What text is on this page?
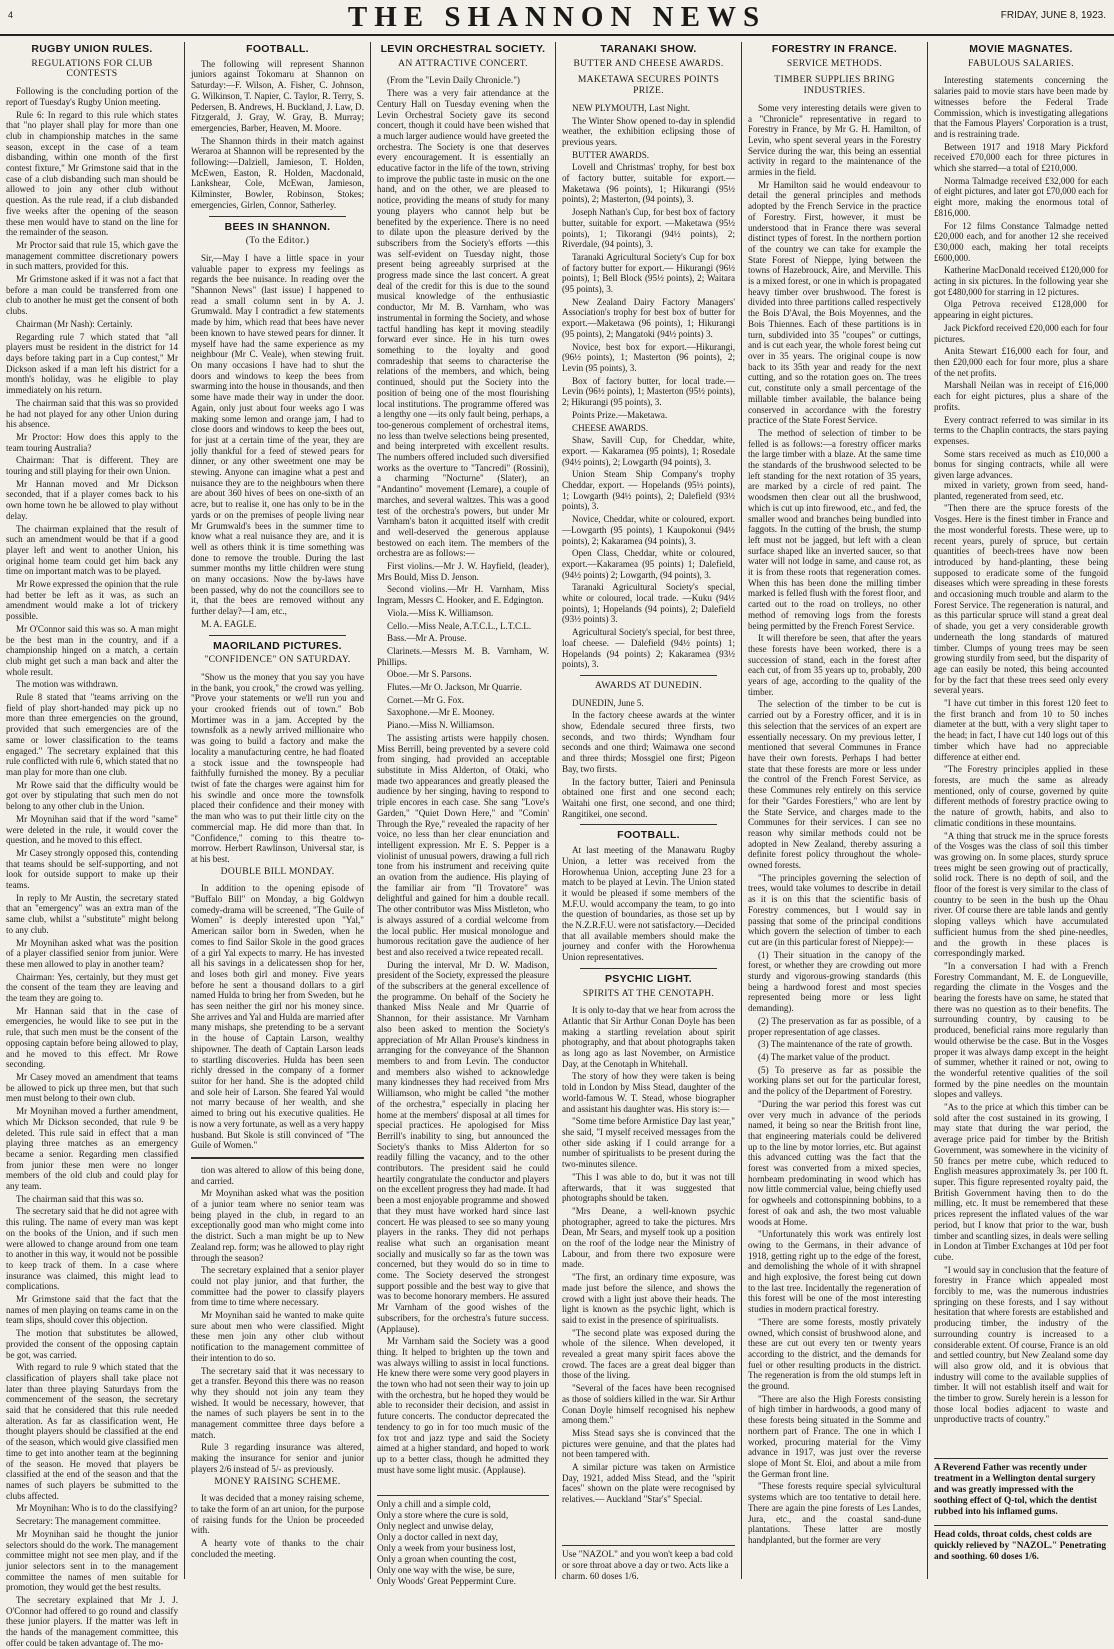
4	THE SHANNON NEWS	FRIDAY, JUNE 8, 1923.
RUGBY UNION RULES.
REGULATIONS FOR CLUB CONTESTS

Following is the concluding portion of the report of Tuesday's Rugby Union meeting.

Rule 6: In regard to this rule which states that "no player shall play for more than one club in championship matches in the same season, except in the case of a team disbanding, within one month of the first contest fixture," Mr Grimstone said that in the case of a club disbanding such man should be allowed to join any other club without question. As the rule read, if a club disbanded five weeks after the opening of the season these men would have to stand on the line for the remainder of the season.

Mr Proctor said that rule 15, which gave the management committee discretionary powers in such matters, provided for this.

Mr Grimstone asked if it was not a fact that before a man could be transferred from one club to another he must get the consent of both clubs.

Chairman (Mr Nash): Certainly.

Regarding rule 7 which stated that "all players must be resident in the district for 14 days before taking part in a Cup contest," Mr Dickson asked if a man left his district for a month's holiday, was he eligible to play immediately on his return.

The chairman said that this was so provided he had not played for any other Union during his absence.

Mr Proctor: How does this apply to the team touring Australia?

Chairman: That is different. They are touring and still playing for their own Union.

Mr Hannan moved and Mr Dickson seconded, that if a player comes back to his own home town he be allowed to play without delay.

The chairman explained that the result of such an amendment would be that if a good player left and went to another Union, his original home team could get him back any time on important match was to be played.

Mr Rowe expressed the opinion that the rule had better be left as it was, as such an amendment would make a lot of trickery possible.

Mr O'Connor said this was so. A man might be the best man in the country, and if a championship hinged on a match, a certain club might get such a man back and alter the whole result.

The motion was withdrawn.

Rule 8 stated that "teams arriving on the field of play short-handed may pick up no more than three emergencies on the ground, provided that such emergencies are of the same or lower classification to the teams engaged." The secretary explained that this rule conflicted with rule 6, which stated that no man play for more than one club.

Mr Rowe said that the difficulty would be got over by stipulating that such men do not belong to any other club in the Union.

Mr Moynihan said that if the word "same" were deleted in the rule, it would cover the question, and he moved to this effect.

Mr Casey strongly opposed this, contending that teams should be self-supporting, and not look for outside support to make up their teams.

In reply to Mr Austin, the secretary stated that an "emergency" was an extra man of the same club, whilst a "substitute" might belong to any club.

Mr Moynihan asked what was the position of a player classified senior from junior. Were these men allowed to play in another team?

Chairman: Yes, certainly, but they must get the consent of the team they are leaving and the team they are going to.

Mr Hannan said that in the case of emergencies, he would like to see put in the rule, that such men must be the consent of the opposing captain before being allowed to play, and he moved to this effect. Mr Rowe seconding.

Mr Casey moved an amendment that teams be allowed to pick up three men, but that such men must belong to their own club.

Mr Moynihan moved a further amendment, which Mr Dickson seconded, that rule 9 be deleted. This rule said in effect that a man playing three matches as an emergency became a senior. Regarding men classified from junior these men were no longer members of the old club and could play for any team.

The chairman said that this was so.

The secretary said that he did not agree with this ruling. The name of every man was kept on the books of the Union, and if such men were allowed to change around from one team to another in this way, it would not be possible to keep track of them. In a case where insurance was claimed, this might lead to complications.

Mr Grimstone said that the fact that the names of men playing on teams came in on the team slips, should cover this objection.

The motion that substitutes be allowed, provided the consent of the opposing captain be got, was carried.

With regard to rule 9 which stated that the classification of players shall take place not later than three playing Saturdays from the commencement of the season, the secretary said that he considered that this rule needed alteration. As far as classification went, He thought players should be classified at the end of the season, which would give classified men time to get into another team at the beginning of the season. He moved that players be classified at the end of the season and that the names of such players be submitted to the clubs affected.

Mr Moynihan: Who is to do the classifying?

Secretary: The management committee.

Mr Moynihan said he thought the junior selectors should do the work. The management committee might not see men play, and if the junior selectors sent in to the management committee the names of men suitable for promotion, they would get the best results.

The secretary explained that Mr J. J. O'Connor had offered to go round and classify these junior players. If the matter was left in the hands of the management committee, this offer could be taken advantage of. The mo-

FOOTBALL.

The following will represent Shannon juniors against Tokomaru at Shannon on Saturday:—F. Wilson, A. Fisher, C. Johnson, G. Wilkinson, T. Napier, C. Taylor, R. Terry, S. Pedersen, B. Andrews, H. Buckland, J. Law, D. Fitzgerald, J. Gray, W. Gray, B. Murray; emergencies, Barber, Heaven, M. Moore.

The Shannon thirds in their match against Weraroa at Shannon will be represented by the following:—Dalziell, Jamieson, T. Holden, McEwen, Easton, R. Holden, Macdonald, Lankshear, Cole, McEwan, Jamieson, Kilminster, Bowler, Robinson, Stokes; emergencies, Girlen, Connor, Satherley.

BEES IN SHANNON.
(To the Editor.)

Sir,—May I have a little space in your valuable paper to express my feelings as regards the bee nuisance. In reading over the "Shannon News" (last issue) I happened to read a small column sent in by A. J. Grumwald. May I contradict a few statements made by him, which read that bees have never been known to have stewed pears for dinner. It myself have had the same experience as my neighbour (Mr C. Veale), when stewing fruit. On many occasions I have had to shut the doors and windows to keep the bees from swarming into the house in thousands, and then some have made their way in under the door. Again, only just about four weeks ago I was making some lemon and orange jam, I had to close doors and windows to keep the bees out, for just at a certain time of the year, they are jolly thankful for a feed of stewed pears for dinner, or any other sweetment one may be stewing. Anyone can imagine what a pest and nuisance they are to the neighbours when there are about 360 hives of bees on one-sixth of an acre, but to realise it, one has only to be in the yards or on the premises of people living near Mr Grumwald's bees in the summer time to know what a real nuisance they are, and it is well as others think it is time something was done to remove the trouble. During the last summer months my little children were stung on many occasions. Now the by-laws have been passed, why do not the councillors see to it, that the bees are removed without any further delay?—I am, etc.,

M. A. EAGLE.

MAORILAND PICTURES.
"CONFIDENCE" ON SATURDAY.

"Show us the money that you say you have in the bank, you crook," the crowd was yelling. "Prove your statements or we'll run you and your crooked friends out of town." Bob Mortimer was in a jam. Accepted by the townsfolk as a newly arrived millionaire who was going to build a factory and make the locality a manufacturing centre, he had floated a stock issue and the townspeople had faithfully furnished the money. By a peculiar twist of fate the charges were against him for his swindle and once more the townsfolk placed their confidence and their money with the man who was to put their little city on the commercial map. He did more than that. In "Confidence," coming to this theatre to-morrow. Herbert Rawlinson, Universal star, is at his best.

DOUBLE BILL MONDAY.

In addition to the opening episode of "Buffalo Bill" on Monday, a big Goldwyn comedy-drama will be screened, "The Guile of Women" is deeply interested upon "Yal," American sailor born in Sweden, when he comes to find Sailor Skole in the good graces of a girl Yal expects to marry. He has invested all his savings in a delicatessen shop for her, and loses both girl and money. Five years before he sent a thousand dollars to a girl named Hulda to bring her from Sweden, but he has seen neither the girl nor his money since. She arrives and Yal and Hulda are married after many mishaps, she pretending to be a servant in the house of Captain Larson, wealthy shipowner. The death of Captain Larson leads to startling discoveries. Hulda has been seen richly dressed in the company of a former suitor for her hand. She is the adopted child and sole heir of Larson. She feared Yal would not marry because of her wealth, and she aimed to bring out his executive qualities. He is now a very fortunate, as well as a very happy husband. But Skole is still convinced of "The Guile of Women."

tion was altered to allow of this being done, and carried.

Mr Moynihan asked what was the position of a junior team where no senior team was being played in the club, in regard to an exceptionally good man who might come into the district. Such a man might be up to New Zealand rep. form; was he allowed to play right through the season?

The secretary explained that a senior player could not play junior, and that further, the committee had the power to classify players from time to time where necessary.

Mr Moynihan said he wanted to make quite sure about men who were classified. Might these men join any other club without notification to the management committee of their intention to do so.

The secretary said that it was necessary to get a transfer. Beyond this there was no reason why they should not join any team they wished. It would be necessary, however, that the names of such players be sent in to the management committee three days before a match.

Rule 3 regarding insurance was altered, making the insurance for senior and junior players 2/6 instead of 5/- as previously.

MONEY RAISING SCHEME.

It was decided that a money raising scheme, to take the form of an art union, for the purpose of raising funds for the Union be proceeded with.

A hearty vote of thanks to the chair concluded the meeting.

LEVIN ORCHESTRAL SOCIETY.
AN ATTRACTIVE CONCERT.

(From the "Levin Daily Chronicle.")

There was a very fair attendance at the Century Hall on Tuesday evening when the Levin Orchestral Society gave its second concert, though it could have been wished that a much larger audience would have greeted the orchestra. The Society is one that deserves every encouragement. It is essentially an educative factor in the life of the town, striving to improve the public taste in music on the one hand, and on the other, we are pleased to notice, providing the means of study for many young players who cannot help but be benefited by the experience. There is no need to dilate upon the pleasure derived by the subscribers from the Society's efforts —this was self-evident on Tuesday night, those present being agreeably surprised at the progress made since the last concert. A great deal of the credit for this is due to the sound musical knowledge of the enthusiastic conductor, Mr M. B. Varnham, who was instrumental in forming the Society, and whose tactful handling has kept it moving steadily forward ever since. He in his turn owes something to the loyalty and good comradeship that seems to characterise the relations of the members, and which, being continued, should put the Society into the position of being one of the most flourishing local institutions. The programme offered was a lengthy one —its only fault being, perhaps, a too-generous complement of orchestral items, no less than twelve selections being presented, and being interpreted with excellent results. The numbers offered included such diversified works as the overture to "Tancredi" (Rossini), a charming "Nocturne" (Slater), an "Andantino" movement (Lemare), a couple of marches, and several waltzes. This was a good test of the orchestra's powers, but under Mr Varnham's baton it acquitted itself with credit and well-deserved the generous applause bestowed on each item. The members of the orchestra are as follows:—

First violins.—Mr J. W. Hayfield, (leader), Mrs Bould, Miss D. Jenson.

Second violins.—Mr H. Varnham, Miss Ingram, Messrs C. Hooker, and E. Edgington.

Viola.—Miss K. Williamson.

Cello.—Miss Neale, A.T.C.L., L.T.C.L.

Bass.—Mr A. Prouse.

Clarinets.—Messrs M. B. Varnham, W. Phillips.

Oboe.—Mr S. Parsons.

Flutes.—Mr O. Jackson, Mr Quarrie.

Cornet.—Mr G. Fox.

Saxophone.—Mr E. Mooney.

Piano.—Miss N. Williamson.

The assisting artists were happily chosen. Miss Berrill, being prevented by a severe cold from singing, had provided an acceptable substitute in Miss Alderton, of Otaki, who made two appearances and greatly pleased the audience by her singing, having to respond to triple encores in each case. She sang "Love's Garden," "Quiet Down Here," and "Comin' Through the Rye," revealed the rapacity of her voice, no less than her clear enunciation and intelligent expression. Mr E. S. Pepper is a violinist of unusual powers, drawing a full rich tone from his instrument and receiving quite an ovation from the audience. His playing of the familiar air from "Il Trovatore" was delightful and gained for him a double recall. The other contributor was Miss Mistleton, who is always assured of a cordial welcome from the local public. Her musical monologue and humorous recitation gave the audience of her best and also received a twice repeated recall.

During the interval, Mr D. W. Madison, president of the Society, expressed the pleasure of the subscribers at the general excellence of the programme. On behalf of the Society he thanked Miss Neale and Mr Quarrie of Shannon, for their assistance. Mr Varnham also been asked to mention the Society's appreciation of Mr Allan Prouse's kindness in arranging for the conveyance of the Shannon members to and from Levin. The conductor and members also wished to acknowledge many kindnesses they had received from Mrs Williamson, who might be called "the mother of the orchestra," especially in placing her home at the members' disposal at all times for special practices. He apologised for Miss Berrill's inability to sing, but announced the Society's thanks to Miss Alderton for so readily filling the vacancy, and to the other contributors. The president said he could heartily congratulate the conductor and players on the excellent progress they had made. It had been a most enjoyable programme and showed that they must have worked hard since last concert. He was pleased to see so many young players in the ranks. They did not perhaps realise what such an organisation meant socially and musically so far as the town was concerned, but they would do so in time to come. The Society deserved the strongest support possible and the best way to give that was to become honorary members. He assured Mr Varnham of the good wishes of the subscribers, for the orchestra's future success. (Applause).

Mr Varnham said the Society was a good thing. It helped to brighten up the town and was always willing to assist in local functions. He knew there were some very good players in the town who had not seen their way to join up with the orchestra, but he hoped they would be able to reconsider their decision, and assist in future concerts. The conductor deprecated the tendency to go in for too much music of the fox trot and jazz type and said the Society aimed at a higher standard, and hoped to work up to a better class, though he admitted they must have some light music. (Applause).

Only a chill and a simple cold,
Only a store where the cure is sold,
Only neglect and unwise delay,
Only a doctor called in next day,
Only a week from your business lost,
Only a groan when counting the cost,
Only one way with the wise, be sure,
Only Woods' Great Peppermint Cure.
TARANAKI SHOW.
BUTTER AND CHEESE AWARDS.
MAKETAWA SECURES POINTS PRIZE.

NEW PLYMOUTH, Last Night.

The Winter Show opened to-day in splendid weather, the exhibition eclipsing those of previous years.

BUTTER AWARDS.

Lovell and Christmas' trophy, for best box of factory butter, suitable for export.—Maketawa (96 points), 1; Hikurangi (95½ points), 2; Masterton, (94 points), 3.

Joseph Nathan's Cup, for best box of factory butter, suitable for export. —Maketawa (95½ points), 1; Tikorangi (94½ points), 2; Riverdale, (94 points), 3.

Taranaki Agricultural Society's Cup for box of factory butter for export.— Hikurangi (96½ points), 1; Bell Block (95½ points), 2; Waitara (95 points), 3.

New Zealand Dairy Factory Managers' Association's trophy for best box of butter for export.—Maketawa (96 points), 1; Hikurangi (95 points), 2; Mangatoki (94½ points) 3.

Novice, best box for export.—Hikurangi, (96½ points), 1; Masterton (96 points), 2; Levin (95 points), 3.

Box of factory butter, for local trade.—Levin (96½ points), 1; Masterton (95½ points), 2; Hikurangi (95 points), 3.

Points Prize.—Maketawa.

CHEESE AWARDS.

Shaw, Savill Cup, for Cheddar, white, export. — Kakaramea (95 points), 1; Rosedale (94½ points), 2; Lowgarth (94 points), 3.

Union Steam Ship Company's trophy Cheddar, export. — Hopelands (95½ points), 1; Lowgarth (94½ points), 2; Dalefield (93½ points), 3.

Novice, Cheddar, white or coloured, export.—Lowgarth (95 points), 1 Kaupokonui (94½ points), 2; Kakaramea (94 points), 3.

Open Class, Cheddar, white or coloured, export.—Kakaramea (95 points) 1; Dalefield, (94½ points) 2; Lowgarth, (94 points), 3.

Taranaki Agricultural Society's special, white or coloured, local trade. —Kuku (94½ points), 1; Hopelands (94 points), 2; Dalefield (93½ points) 3.

Agricultural Society's special, for best three, loaf cheese. — Dalefield (94½ points) 1; Hopelands (94 points) 2; Kakaramea (93½ points), 3.

AWARDS AT DUNEDIN.

DUNEDIN, June 5.

In the factory cheese awards at the winter show, Edendale secured three firsts, two seconds, and two thirds; Wyndham four seconds and one third; Waimawa one second and three thirds; Mossgiel one first; Pigeon Bay, two firsts.

In the factory butter, Taieri and Peninsula obtained one first and one second each; Waitahi one first, one second, and one third; Rangitikei, one second.

FOOTBALL.

At last meeting of the Manawatu Rugby Union, a letter was received from the Horowhenua Union, accepting June 23 for a match to be played at Levin. The Union stated it would be pleased if some members of the M.F.U. would accompany the team, to go into the question of boundaries, as those set up by the N.Z.R.F.U. were not satisfactory.—Decided that all available members should make the journey and confer with the Horowhenua Union representatives.

PSYCHIC LIGHT.
SPIRITS AT THE CENOTAPH.

It is only to-day that we hear from across the Atlantic that Sir Arthur Conan Doyle has been making a startling revelation about spirit photography, and that about photographs taken as long ago as last November, on Armistice Day, at the Cenotaph in Whitehall.

The story of how they were taken is being told in London by Miss Stead, daughter of the world-famous W. T. Stead, whose biographer and assistant his daughter was. His story is:—

"Some time before Armistice Day last year," she said, "I myself received messages from the other side asking if I could arrange for a number of spiritualists to be present during the two-minutes silence.

"This I was able to do, but it was not till afterwards, that it was suggested that photographs should be taken.

"Mrs Deane, a well-known psychic photographer, agreed to take the pictures. Mrs Dean, Mr Sears, and myself took up a position on the roof of the lodge near the Ministry of Labour, and from there two exposure were made.

"The first, an ordinary time exposure, was made just before the silence, and shows the crowd with a light just above their heads. The light is known as the psychic light, which is said to exist in the presence of spiritualists.

"The second plate was exposed during the whole of the silence. When developed, it revealed a great many spirit faces above the crowd. The faces are a great deal bigger than those of the living.

"Several of the faces have been recognised as those of soldiers killed in the war. Sir Arthur Conan Doyle himself recognised his nephew among them."

Miss Stead says she is convinced that the pictures were genuine, and that the plates had not been tampered with.

A similar picture was taken on Armistice Day, 1921, added Miss Stead, and the "spirit faces" shown on the plate were recognised by relatives.— Auckland "Star's" Special.

Use "NAZOL" and you won't keep a bad cold or sore throat above a day or two. Acts like a charm. 60 doses 1/6.
FORESTRY IN FRANCE.
SERVICE METHODS.
TIMBER SUPPLIES BRING INDUSTRIES.

Some very interesting details were given to a "Chronicle" representative in regard to Forestry in France, by Mr G. H. Hamilton, of Levin, who spent several years in the Forestry Service during the war, this being an essential activity in regard to the maintenance of the armies in the field.

Mr Hamilton said he would endeavour to detail the general principles and methods adopted by the French Service in the practice of Forestry. First, however, it must be understood that in France there was several distinct types of forest. In the northern portion of the country we can take for example the State Forest of Nieppe, lying between the towns of Hazebrouck, Aire, and Merville. This is a mixed forest, or one in which is propagated heavy timber over brushwood. The forest is divided into three partitions called respectively the Bois D'Aval, the Bois Moyennes, and the Bois Thiennes. Each of these partitions is in turn, subdivided into 35 "coupes" or cuttings, and is cut each year, the whole forest being cut over in 35 years. The original coupe is now back to its 35th year and ready for the next cutting, and so the rotation goes on. The trees cut, constitute only a small percentage of the millable timber available, the balance being conserved in accordance with the forestry practice of the State Forest Service.

The method of selection of timber to be felled is as follows:—a forestry officer marks the large timber with a blaze. At the same time the standards of the brushwood selected to be left standing for the next rotation of 35 years, are marked by a circle of red paint. The woodsmen then clear out all the brushwood, which is cut up into firewood, etc., and fed, the smaller wood and branches being bundled into faggots. In the cutting of the brush, the stump left must not be jagged, but left with a clean surface shaped like an inverted saucer, so that water will not lodge in same, and cause rot, as it is from these roots that regeneration comes. When this has been done the milling timber marked is felled flush with the forest floor, and carted out to the road on trolleys, no other method of removing logs from the forests being permitted by the French Forest Service.

It will therefore be seen, that after the years these forests have been worked, there is a succession of stand, each in the forest after each cut, of from 35 years up to, probably, 200 years of age, according to the quality of the timber.

The selection of the timber to be cut is carried out by a Forestry officer, and it is in this selection that the services of an expert are essentially necessary. On my previous letter, I mentioned that several Communes in France have their own forests. Perhaps I had better state that these forests are more or less under the control of the French Forest Service, as these Communes rely entirely on this service for their "Gardes Forestiers," who are lent by the State Service, and charges made to the Communes for their services. I can see no reason why similar methods could not be adopted in New Zealand, thereby assuring a definite forest policy throughout the whole-owned forests.

"The principles governing the selection of trees, would take volumes to describe in detail as it is on this that the scientific basis of Forestry commences, but I would say in passing that some of the principal conditions which govern the selection of timber to each cut are (in this particular forest of Nieppe):—

(1) Their situation in the canopy of the forest, or whether they are crowding out more sturdy and vigorous-growing standards (this being a hardwood forest and most species represented being more or less light demanding).

(2) The preservation as far as possible, of a proper representation of age classes.

(3) The maintenance of the rate of growth.

(4) The market value of the product.

(5) To preserve as far as possible the working plans set out for the particular forest, and the policy of the Department of Forestry.

"During the war period this forest was cut over very much in advance of the periods named, it being so near the British front line, that engineering materials could be delivered up to the line by motor lorries, etc. But against this advanced cutting was the fact that the forest was converted from a mixed species, hornbeam predominating in wood which has now little commercial value, being chiefly used for ogwheels and cottonspinning bobbins, to a forest of oak and ash, the two most valuable woods at Home.

"Unfortunately this work was entirely lost owing to the Germans, in their advance of 1918, getting right up to the edge of the forest, and demolishing the whole of it with shrapnel and high explosive, the forest being cut down to the last tree. Incidentally the regeneration of this forest will be one of the most interesting studies in modern practical forestry.

"There are some forests, mostly privately owned, which consist of brushwood alone, and these are cut out every ten or twenty years according to the district, and the demands for fuel or other resulting products in the district. The regeneration is from the old stumps left in the ground.

"There are also the High Forests consisting of high timber in hardwoods, a good many of these forests being situated in the Somme and northern part of France. The one in which I worked, procuring material for the Vimy advance in 1917, was just over the reverse slope of Mont St. Eloi, and about a mile from the German front line.

"These forests require special sylvicultural systems which are too tentative to detail here. There are again the pine forests of Les Landes, Jura, etc., and the coastal sand-dune plantations. These latter are mostly handplanted, but the former are very

MOVIE MAGNATES.
FABULOUS SALARIES.

Interesting statements concerning the salaries paid to movie stars have been made by witnesses before the Federal Trade Commission, which is investigating allegations that the Famous Players' Corporation is a trust, and is restraining trade.

Between 1917 and 1918 Mary Pickford received £70,000 each for three pictures in which she starred—a total of £210,000.

Norma Talmadge received £32,000 for each of eight pictures, and later got £70,000 each for eight more, making the enormous total of £816,000.

For 12 films Constance Talmadge netted £20,000 each, and for another 12 she received £30,000 each, making her total receipts £600,000.

Katherine MacDonald received £120,000 for acting in six pictures. In the following year she got £480,000 for starring in 12 pictures.

Olga Petrova received £128,000 for appearing in eight pictures.

Jack Pickford received £20,000 each for four pictures.

Anita Stewart £16,000 each for four, and then £20,000 each for four more, plus a share of the net profits.

Marshall Neilan was in receipt of £16,000 each for eight pictures, plus a share of the profits.

Every contract referred to was similar in its terms to the Chaplin contracts, the stars paying expenses.

Some stars received as much as £10,000 a bonus for singing contracts, while all were given large advances.

mixed in variety, grown from seed, hand-planted, regenerated from seed, etc.

"Then there are the spruce forests of the Vosges. Here is the finest timber in France and the most wonderful forests. These were, up to recent years, purely of spruce, but certain quantities of beech-trees have now been introduced by hand-planting, these being supposed to eradicate some of the fungoid diseases which were spreading in these forests and occasioning much trouble and alarm to the Forest Service. The regeneration is natural, and as this particular spruce will stand a great deal of shade, you get a very considerable growth underneath the long standards of matured timber. Clumps of young trees may be seen growing sturdily from seed, but the disparity of age can easily be noted, this being accounted for by the fact that these trees seed only every several years.

"I have cut timber in this forest 120 feet to the first branch and from 10 to 50 inches diameter at the butt, with a very slight taper to the head; in fact, I have cut 140 logs out of this timber which have had no appreciable difference at either end.

"The Forestry principles applied in these forests, are much the same as already mentioned, only of course, governed by quite different methods of forestry practice owing to the nature of growth, habits, and also to climatic conditions in these mountains.

"A thing that struck me in the spruce forests of the Vosges was the class of soil this timber was growing on. In some places, sturdy spruce trees might be seen growing out of practically, solid rock. There is no depth of soil, and the floor of the forest is very similar to the class of country to be seen in the bush up the Ohau river. Of course there are table lands and gently sloping valleys which have accumulated sufficient humus from the shed pine-needles, and the growth in these places is correspondingly marked.

"In a conversation I had with a French Forestry Commandant, M. E. de Longueville, regarding the climate in the Vosges and the bearing the forests have on same, he stated that there was no question as to their benefits. The surrounding country, by causing to be produced, beneficial rains more regularly than would otherwise be the case. But in the Vosges proper it was always damp except in the height of summer, whether it rained or not, owing to the wonderful retentive qualities of the soil formed by the pine needles on the mountain slopes and valleys.

"As to the price at which this timber can be sold after the cost sustained in its growing, I may state that during the war period, the average price paid for timber by the British Government, was somewhere in the vicinity of 50 francs per metre cube, which reduced to English measures approximately 3s. per 100 ft. super. This figure represented royalty paid, the British Government having then to do the milling, etc. It must be remembered that these prices represent the inflated values of the war period, but I know that prior to the war, bush timber and scantling sizes, in deals were selling in London at Timber Exchanges at 10d per foot cube.

"I would say in conclusion that the feature of forestry in France which appealed most forcibly to me, was the numerous industries springing on these forests, and I say without hesitation that where forests are established and producing timber, the industry of the surrounding country is increased to a considerable extent. Of course, France is an old and settled country, but New Zealand some day will also grow old, and it is obvious that industry will come to the available supplies of timber. It will not establish itself and wait for the timber to grow. Surely herein is a lesson for those local bodies adjacent to waste and unproductive tracts of country."

A Reverend Father was recently under treatment in a Wellington dental surgery and was greatly impressed with the soothing effect of Q-tol, which the dentist rubbed into his inflamed gums.
Head colds, throat colds, chest colds are quickly relieved by "NAZOL." Penetrating and soothing. 60 doses 1/6.
